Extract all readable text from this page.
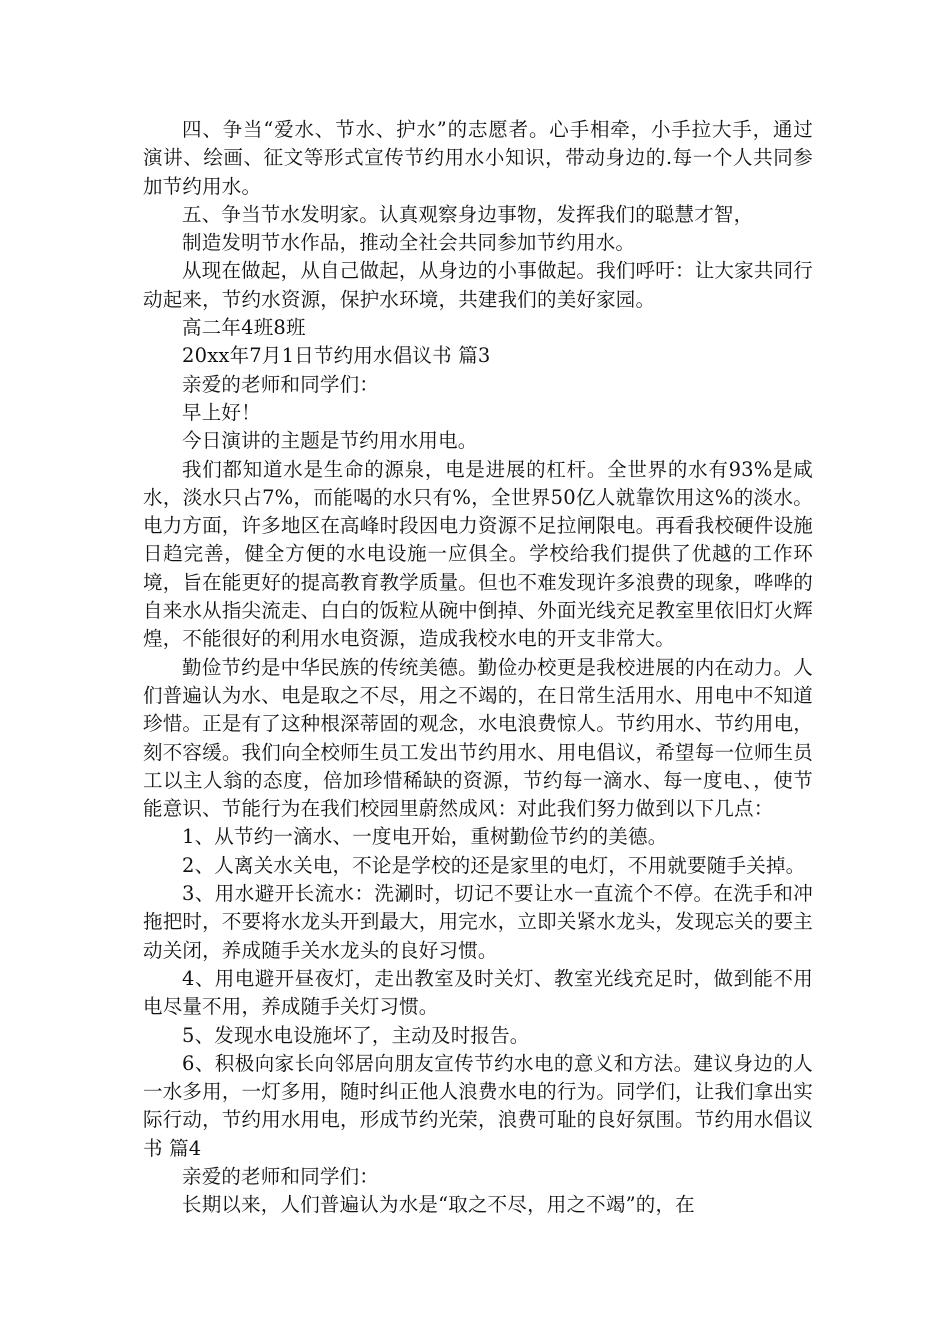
四、争当“爱水、节水、护水”的志愿者。心手相牵，小手拉大手，通过演讲、绘画、征文等形式宣传节约用水小知识，带动身边的.每一个人共同参加节约用水。

五、争当节水发明家。认真观察身边事物，发挥我们的聪慧才智，

制造发明节水作品，推动全社会共同参加节约用水。

从现在做起，从自己做起，从身边的小事做起。我们呼吁：让大家共同行动起来，节约水资源，保护水环境，共建我们的美好家园。

高二年4班8班

20xx年7月1日节约用水倡议书 篇3

亲爱的老师和同学们：

早上好！

今日演讲的主题是节约用水用电。

我们都知道水是生命的源泉，电是进展的杠杆。全世界的水有93%是咸水，淡水只占7%，而能喝的水只有%，全世界50亿人就靠饮用这%的淡水。电力方面，许多地区在高峰时段因电力资源不足拉闸限电。再看我校硬件设施日趋完善，健全方便的水电设施一应俱全。学校给我们提供了优越的工作环境，旨在能更好的提高教育教学质量。但也不难发现许多浪费的现象，哗哗的自来水从指尖流走、白白的饭粒从碗中倒掉、外面光线充足教室里依旧灯火辉煌，不能很好的利用水电资源，造成我校水电的开支非常大。

勤俭节约是中华民族的传统美德。勤俭办校更是我校进展的内在动力。人们普遍认为水、电是取之不尽，用之不竭的，在日常生活用水、用电中不知道珍惜。正是有了这种根深蒂固的观念，水电浪费惊人。节约用水、节约用电，刻不容缓。我们向全校师生员工发出节约用水、用电倡议，希望每一位师生员工以主人翁的态度，倍加珍惜稀缺的资源，节约每一滴水、每一度电、，使节能意识、节能行为在我们校园里蔚然成风：对此我们努力做到以下几点：

1、从节约一滴水、一度电开始，重树勤俭节约的美德。

2、人离关水关电，不论是学校的还是家里的电灯，不用就要随手关掉。

3、用水避开长流水：洗涮时，切记不要让水一直流个不停。在洗手和冲拖把时，不要将水龙头开到最大，用完水，立即关紧水龙头，发现忘关的要主动关闭，养成随手关水龙头的良好习惯。

4、用电避开昼夜灯，走出教室及时关灯、教室光线充足时，做到能不用电尽量不用，养成随手关灯习惯。

5、发现水电设施坏了，主动及时报告。

6、积极向家长向邻居向朋友宣传节约水电的意义和方法。建议身边的人一水多用，一灯多用，随时纠正他人浪费水电的行为。同学们，让我们拿出实际行动，节约用水用电，形成节约光荣，浪费可耻的良好氛围。节约用水倡议书 篇4

亲爱的老师和同学们：

长期以来，人们普遍认为水是“取之不尽，用之不竭”的，在
